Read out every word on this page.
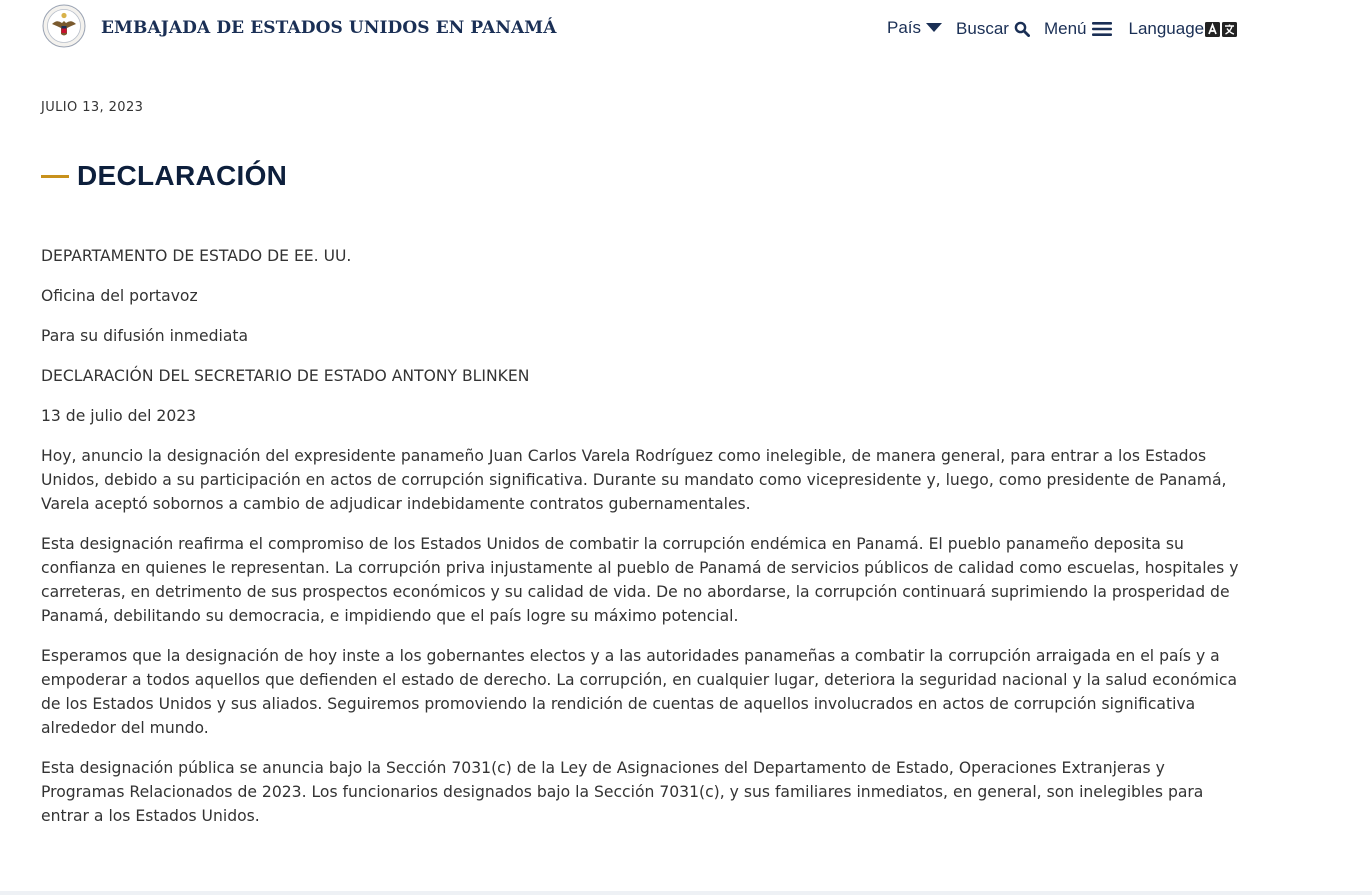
EMBAJADA DE ESTADOS UNIDOS EN PANAMÁ	País Buscar Menú Language
JULIO 13, 2023
DECLARACIÓN

DEPARTAMENTO DE ESTADO DE EE. UU.

Oficina del portavoz

Para su difusión inmediata

DECLARACIÓN DEL SECRETARIO DE ESTADO ANTONY BLINKEN

13 de julio del 2023

Hoy, anuncio la designación del expresidente panameño Juan Carlos Varela Rodríguez como inelegible, de manera general, para entrar a los Estados Unidos, debido a su participación en actos de corrupción significativa. Durante su mandato como vicepresidente y, luego, como presidente de Panamá, Varela aceptó sobornos a cambio de adjudicar indebidamente contratos gubernamentales.

Esta designación reafirma el compromiso de los Estados Unidos de combatir la corrupción endémica en Panamá. El pueblo panameño deposita su confianza en quienes le representan. La corrupción priva injustamente al pueblo de Panamá de servicios públicos de calidad como escuelas, hospitales y carreteras, en detrimento de sus prospectos económicos y su calidad de vida. De no abordarse, la corrupción continuará suprimiendo la prosperidad de Panamá, debilitando su democracia, e impidiendo que el país logre su máximo potencial.

Esperamos que la designación de hoy inste a los gobernantes electos y a las autoridades panameñas a combatir la corrupción arraigada en el país y a empoderar a todos aquellos que defienden el estado de derecho. La corrupción, en cualquier lugar, deteriora la seguridad nacional y la salud económica de los Estados Unidos y sus aliados. Seguiremos promoviendo la rendición de cuentas de aquellos involucrados en actos de corrupción significativa alrededor del mundo.

Esta designación pública se anuncia bajo la Sección 7031(c) de la Ley de Asignaciones del Departamento de Estado, Operaciones Extranjeras y Programas Relacionados de 2023. Los funcionarios designados bajo la Sección 7031(c), y sus familiares inmediatos, en general, son inelegibles para entrar a los Estados Unidos.
